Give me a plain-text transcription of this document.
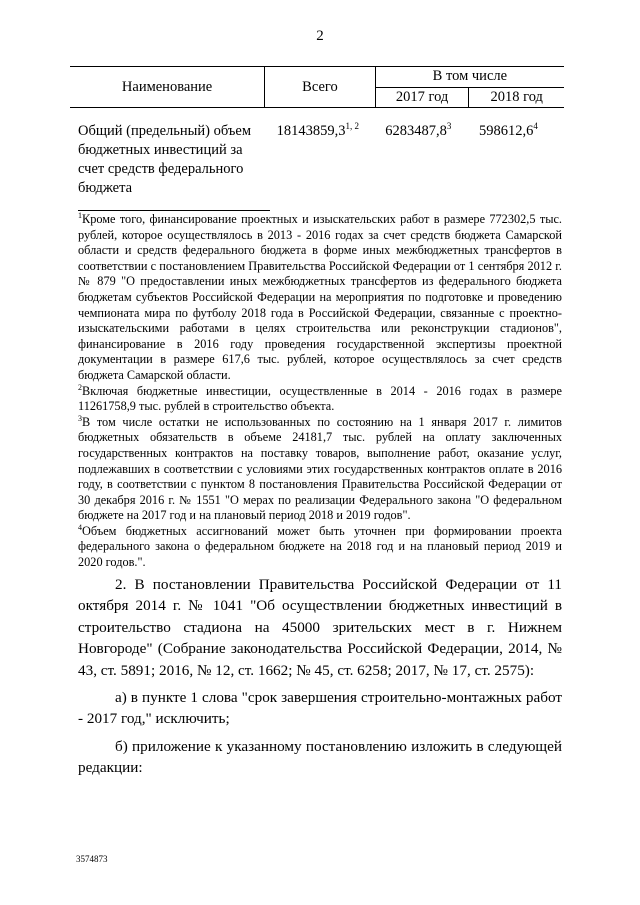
2
Наименование	Всего	В том числе	
		2017 год	2018 год
Общий (предельный) объем бюджетных инвестиций за счет средств федерального бюджета	18143859,3$^{1, 2}$	6283487,8$^3$	598612,6$^4$

$^1$Кроме того, финансирование проектных и изыскательских работ в размере 772302,5 тыс. рублей, которое осуществлялось в 2013 - 2016 годах за счет средств бюджета Самарской области и средств федерального бюджета в форме иных межбюджетных трансфертов в соответствии с постановлением Правительства Российской Федерации от 1 сентября 2012 г. № 879 "О предоставлении иных межбюджетных трансфертов из федерального бюджета бюджетам субъектов Российской Федерации на мероприятия по подготовке и проведению чемпионата мира по футболу 2018 года в Российской Федерации, связанные с проектно-изыскательскими работами в целях строительства или реконструкции стадионов", финансирование в 2016 году проведения государственной экспертизы проектной документации в размере 617,6 тыс. рублей, которое осуществлялось за счет средств бюджета Самарской области.

$^2$Включая бюджетные инвестиции, осуществленные в 2014 - 2016 годах в размере 11261758,9 тыс. рублей в строительство объекта.

$^3$В том числе остатки не использованных по состоянию на 1 января 2017 г. лимитов бюджетных обязательств в объеме 24181,7 тыс. рублей на оплату заключенных государственных контрактов на поставку товаров, выполнение работ, оказание услуг, подлежавших в соответствии с условиями этих государственных контрактов оплате в 2016 году, в соответствии с пунктом 8 постановления Правительства Российской Федерации от 30 декабря 2016 г. № 1551 "О мерах по реализации Федерального закона "О федеральном бюджете на 2017 год и на плановый период 2018 и 2019 годов".

$^4$Объем бюджетных ассигнований может быть уточнен при формировании проекта федерального закона о федеральном бюджете на 2018 год и на плановый период 2019 и 2020 годов.".

2. В постановлении Правительства Российской Федерации от 11 октября 2014 г. № 1041 "Об осуществлении бюджетных инвестиций в строительство стадиона на 45000 зрительских мест в г. Нижнем Новгороде" (Собрание законодательства Российской Федерации, 2014, № 43, ст. 5891; 2016, № 12, ст. 1662; № 45, ст. 6258; 2017, № 17, ст. 2575):

а) в пункте 1 слова "срок завершения строительно-монтажных работ - 2017 год," исключить;

б) приложение к указанному постановлению изложить в следующей редакции:

3574873
